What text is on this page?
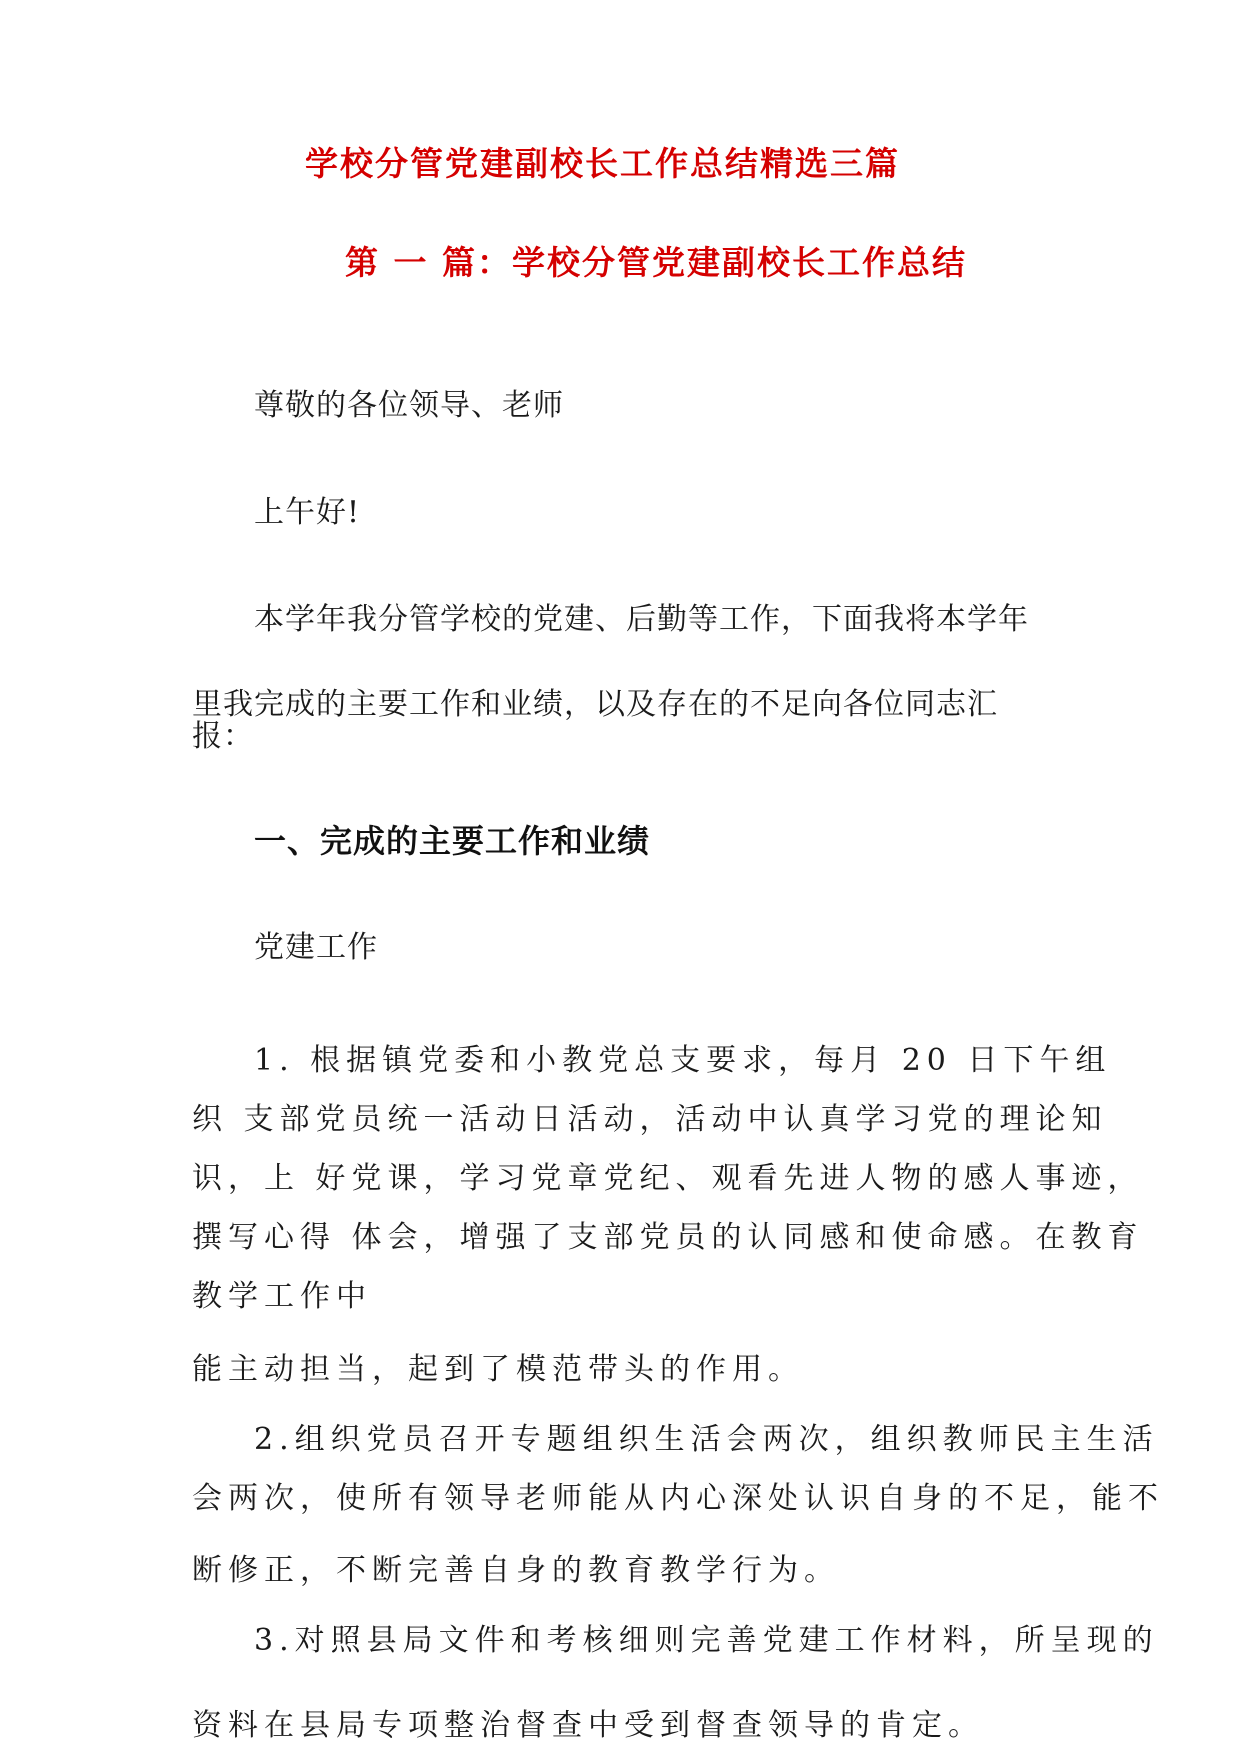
学校分管党建副校长工作总结精选三篇

第 一 篇：学校分管党建副校长工作总结

尊敬的各位领导、老师

上午好!

本学年我分管学校的党建、后勤等工作，下面我将本学年

里我完成的主要工作和业绩，以及存在的不足向各位同志汇

报：

一、完成的主要工作和业绩

党建工作

1. 根据镇党委和小教党总支要求，每月 20 日下午组

织 支部党员统一活动日活动，活动中认真学习党的理论知

识，上 好党课，学习党章党纪、观看先进人物的感人事迹，

撰写心得 体会，增强了支部党员的认同感和使命感。在教育

教学工作中

能主动担当，起到了模范带头的作用。

2.组织党员召开专题组织生活会两次，组织教师民主生活

会两次，使所有领导老师能从内心深处认识自身的不足，能不

断修正，不断完善自身的教育教学行为。

3.对照县局文件和考核细则完善党建工作材料，所呈现的

资料在县局专项整治督查中受到督查领导的肯定。
